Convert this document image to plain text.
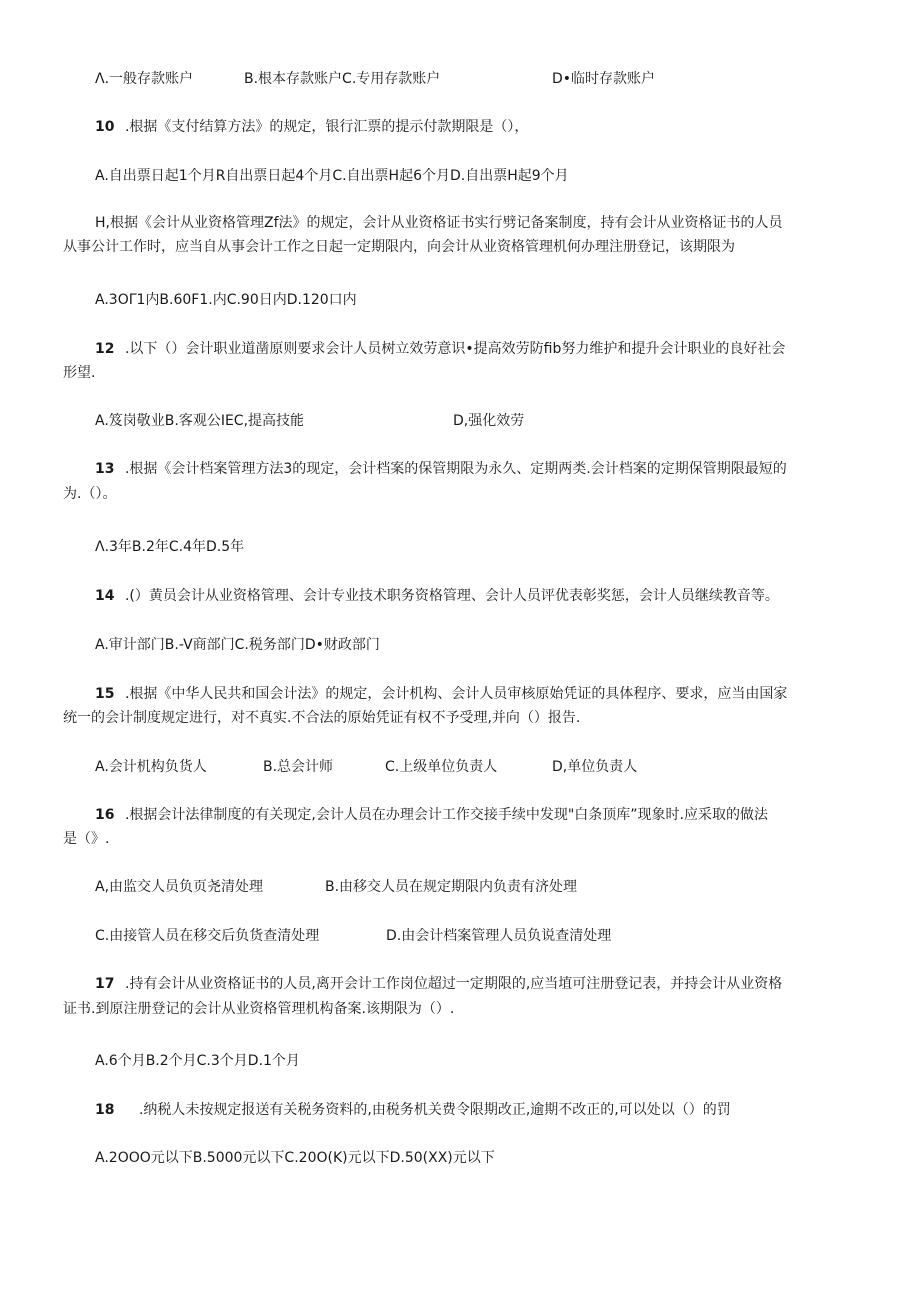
Λ.一般存款账户	B.根本存款账户C.专用存款账户	D•临时存款账户
10 .根据《支付结算方法》的规定，银行汇票的提示付款期限是（），
A.自出票日起1个月R自出票日起4个月C.自出票H起6个月D.自出票H起9个月
H,根据《会计从业资格管理Zf法》的规定，会计从业资格证书实行劈记备案制度，持有会计从业资格证书的人员
从事公计工作时，应当自从事会计工作之日起一定期限内，向会计从业资格管理机何办理注册登记，该期限为
A.3OΓ1内B.60F1.内C.90日内D.120口内
12 .以下（）会计职业道凿原则要求会计人员树立效劳意识•提高效劳防fib努力维护和提升会计职业的良好社会
形望.
A.笈岗敬业B.客观公IEC,提高技能	D,强化效劳
13 .根据《会计档案管理方法3的现定，会计档案的保管期限为永久、定期两类.会计档案的定期保管期限最短的
为.（）。
Λ.3年B.2年C.4年D.5年
14 .(）黄员会计从业资格管理、会计专业技术职务资格管理、会计人员评优表彰奖惩，会计人员继续教音等。
A.审计部门B.-V商部门C.税务部门D•财政部门
15 .根据《中华人民共和国会计法》的规定，会计机构、会计人员审核原始凭证的具体程序、要求，应当由国家
统一的会计制度规定进行，对不真实.不合法的原始凭证有权不予受理,并向（）报告.
A.会计机构负货人	B.总会计师	C.上级单位负责人	D,单位负责人
16 .根据会计法律制度的有关现定,会计人员在办理会计工作交接手续中发现"白条顶库”现象时.应采取的做法
是（》.
A,由监交人员负页尧清处理	B.由移交人员在规定期限内负责有济处理
C.由接管人员在移交后负货查清处理	D.由会计档案管理人员负说查清处理
17 .持有会计从业资格证书的人员,离开会计工作岗位超过一定期限的,应当埴可注册登记表，并持会计从业资格
证书.到原注册登记的会计从业资格管理机构备案.该期限为（）.
A.6个月B.2个月C.3个月D.1个月
18 .纳税人未按规定报送有关税务资料的,由税务机关费令限期改正,逾期不改正的,可以处以（）的罚
A.2OOO元以下B.5000元以下C.20O(K)元以下D.50(XX)元以下
